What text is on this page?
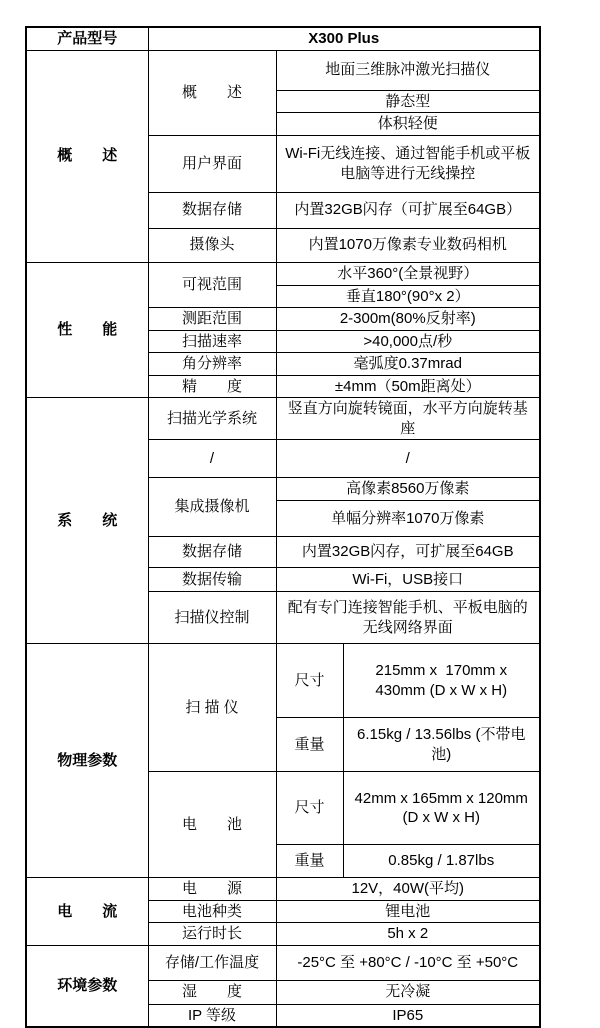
产品型号	X300 Plus		
概　　述	概　　述	地面三维脉冲激光扫描仪	
		静态型	
		体积轻便	
	用户界面	Wi-Fi无线连接、通过智能手机或平板电脑等进行无线操控	
	数据存储	内置32GB闪存（可扩展至64GB）	
	摄像头	内置1070万像素专业数码相机	
性　　能	可视范围	水平360°(全景视野）	
		垂直180°(90°x 2）	
	测距范围	2-300m(80%反射率)	
	扫描速率	>40,000点/秒	
	角分辨率	毫弧度0.37mrad	
	精　　度	±4mm（50m距离处）	
系　　统	扫描光学系统	竖直方向旋转镜面，水平方向旋转基座	
	/	/	
	集成摄像机	高像素8560万像素	
		单幅分辨率1070万像素	
	数据存储	内置32GB闪存，可扩展至64GB	
	数据传输	Wi-Fi，USB接口	
	扫描仪控制	配有专门连接智能手机、平板电脑的无线网络界面	
物理参数	扫 描 仪	尺寸	215mm x  170mm x  430mm (D x W x H)
		重量	6.15kg / 13.56lbs (不带电池)
	电　　池	尺寸	42mm x 165mm x 120mm (D x W x H)
		重量	0.85kg / 1.87lbs
电　　流	电　　源	12V，40W(平均)	
	电池种类	锂电池	
	运行时长	5h x 2	
环境参数	存储/工作温度	-25°C 至 +80°C / -10°C 至 +50°C	
	湿　　度	无冷凝	
	IP 等级	IP65	
